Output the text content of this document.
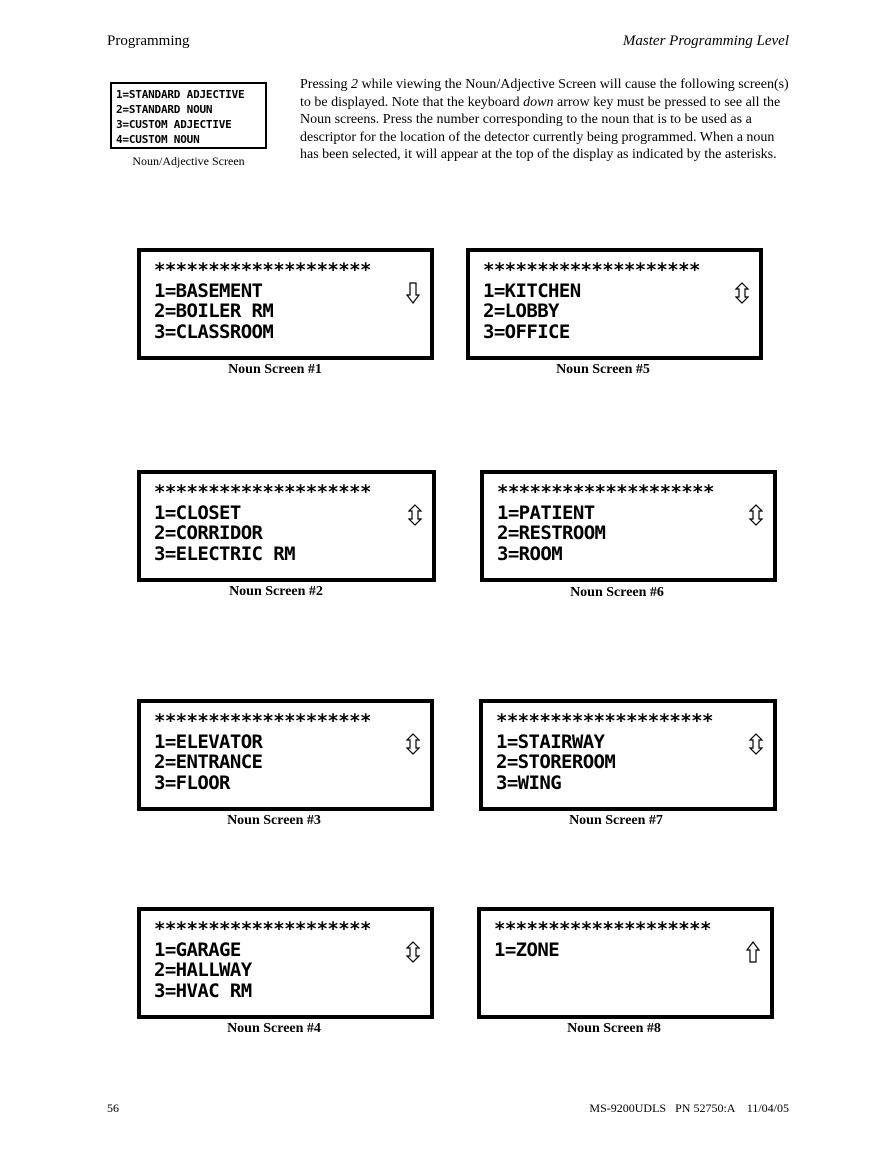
Programming	Master Programming Level
1=STANDARD ADJECTIVE
2=STANDARD NOUN
3=CUSTOM ADJECTIVE
4=CUSTOM NOUN
Noun/Adjective Screen
Pressing 2 while viewing the Noun/Adjective Screen will cause the following screen(s) to be displayed. Note that the keyboard down arrow key must be pressed to see all the Noun screens. Press the number corresponding to the noun that is to be used as a descriptor for the location of the detector currently being programmed. When a noun has been selected, it will appear at the top of the display as indicated by the asterisks.
********************
1=BASEMENT
2=BOILER RM
3=CLASSROOM
Noun Screen #1
********************
1=KITCHEN
2=LOBBY
3=OFFICE
Noun Screen #5
********************
1=CLOSET
2=CORRIDOR
3=ELECTRIC RM
Noun Screen #2
********************
1=PATIENT
2=RESTROOM
3=ROOM
Noun Screen #6
********************
1=ELEVATOR
2=ENTRANCE
3=FLOOR
Noun Screen #3
********************
1=STAIRWAY
2=STOREROOM
3=WING
Noun Screen #7
********************
1=GARAGE
2=HALLWAY
3=HVAC RM
Noun Screen #4
********************
1=ZONE
Noun Screen #8
56	MS-9200UDLS   PN 52750:A    11/04/05
